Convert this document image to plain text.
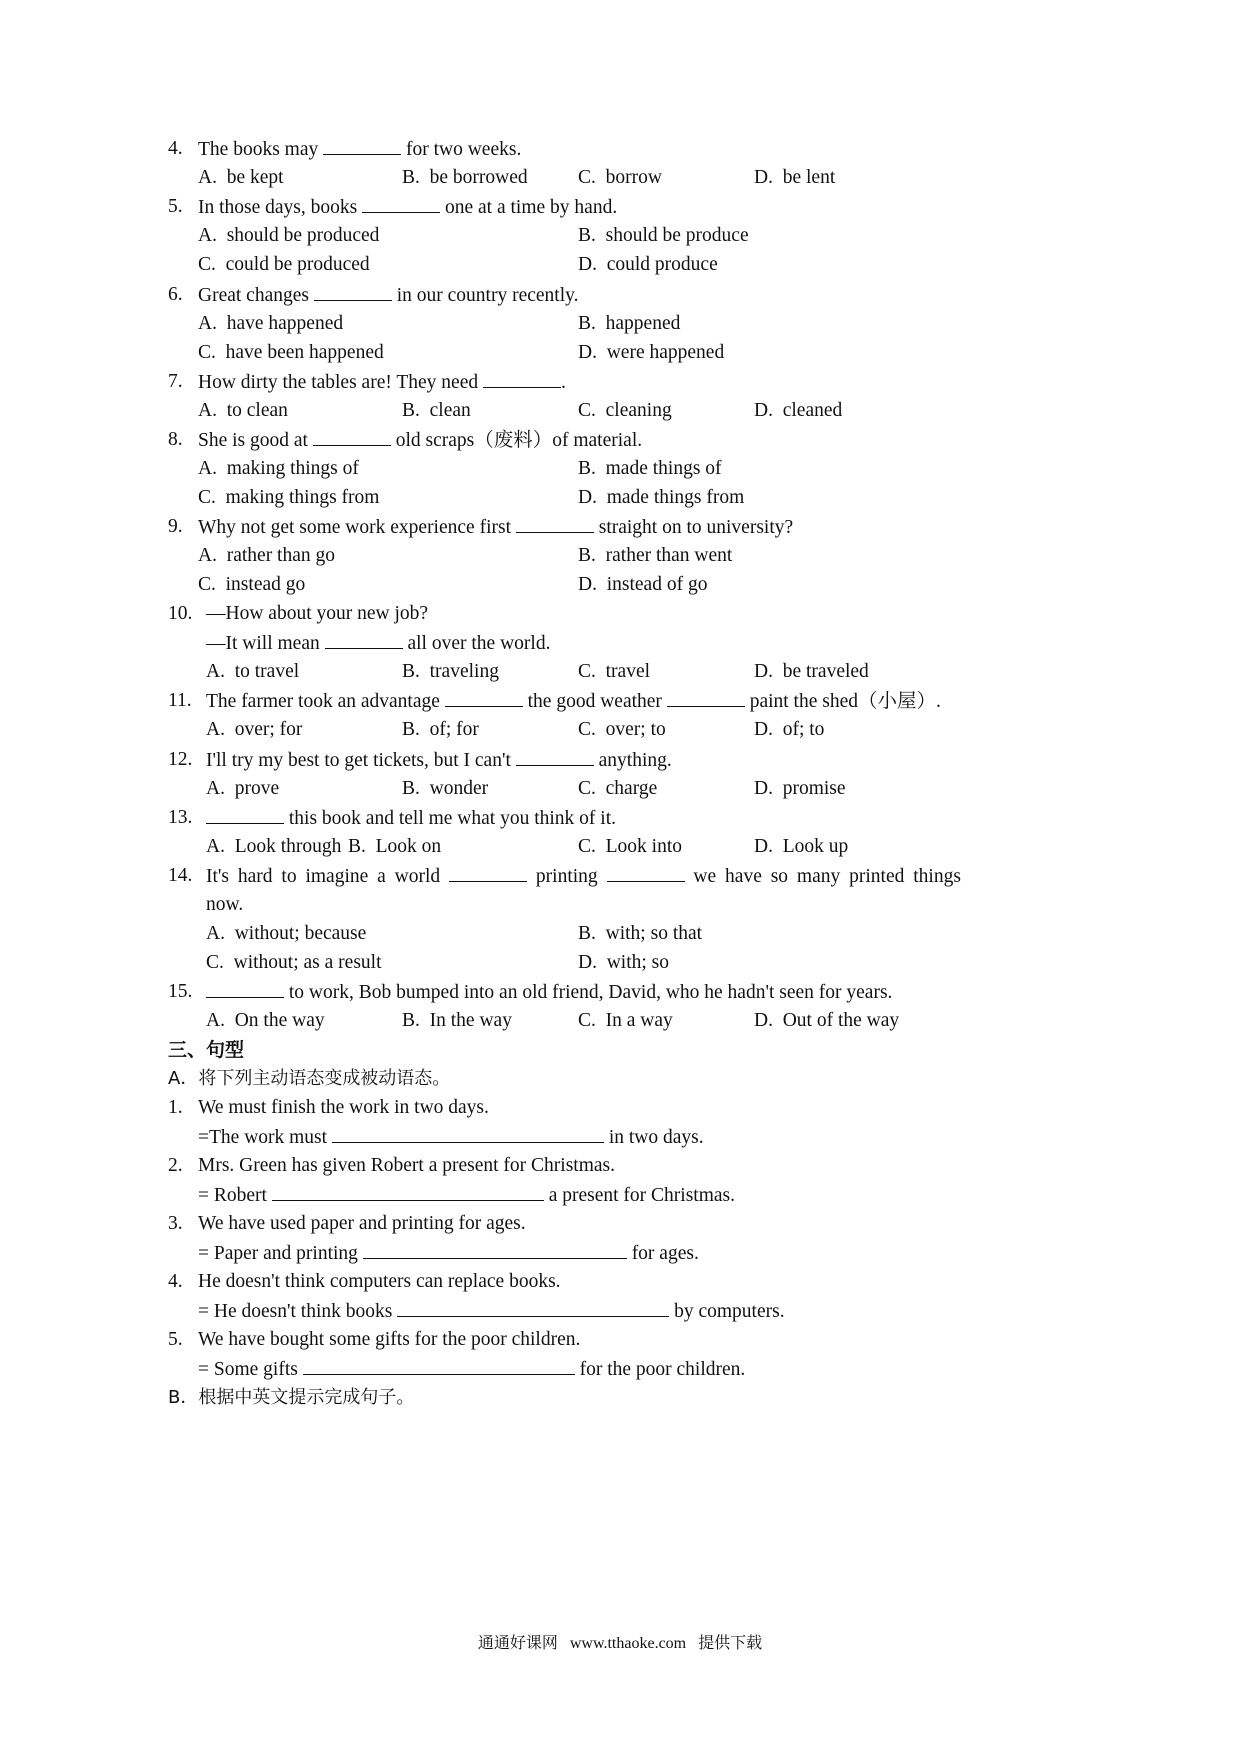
4. The books may	for two weeks.
A. be kept	B. be borrowed	C. borrow	D. be lent
5. In those days, books	one at a time by hand.
A. should be produced	B. should be produce
C. could be produced	D. could produce
6. Great changes	in our country recently.
A. have happened	B. happened
C. have been happened	D. were happened
7. How dirty the tables are! They need	.
A. to clean	B. clean	C. cleaning	D. cleaned
8. She is good at	old scraps（废料）of material.
A. making things of	B. made things of
C. making things from	D. made things from
9. Why not get some work experience first	straight on to university?
A. rather than go	B. rather than went
C. instead go	D. instead of go
10. —How about your new job?
—It will mean	all over the world.
A. to travel	B. traveling	C. travel	D. be traveled
11. The farmer took an advantage	the good weather	paint the shed（小屋）.
A. over; for	B. of; for	C. over; to	D. of; to
12. I'll try my best to get tickets, but I can't	anything.
A. prove	B. wonder	C. charge	D. promise
13.	this book and tell me what you think of it.
A. Look through B. Look on	C. Look into	D. Look up
14. It's hard to imagine a world	printing	we have so many printed things
now.
A. without; because	B. with; so that
C. without; as a result	D. with; so
15.	to work, Bob bumped into an old friend, David, who he hadn't seen for years.
A. On the way	B. In the way	C. In a way	D. Out of the way
三、句型
A．将下列主动语态变成被动语态。
1. We must finish the work in two days.
=The work must	in two days.
2. Mrs. Green has given Robert a present for Christmas.
= Robert	a present for Christmas.
3. We have used paper and printing for ages.
= Paper and printing	for ages.
4. He doesn't think computers can replace books.
= He doesn't think books	by computers.
5. We have bought some gifts for the poor children.
= Some gifts	for the poor children.
B．根据中英文提示完成句子。
通通好课网 www.tthaoke.com 提供下载
